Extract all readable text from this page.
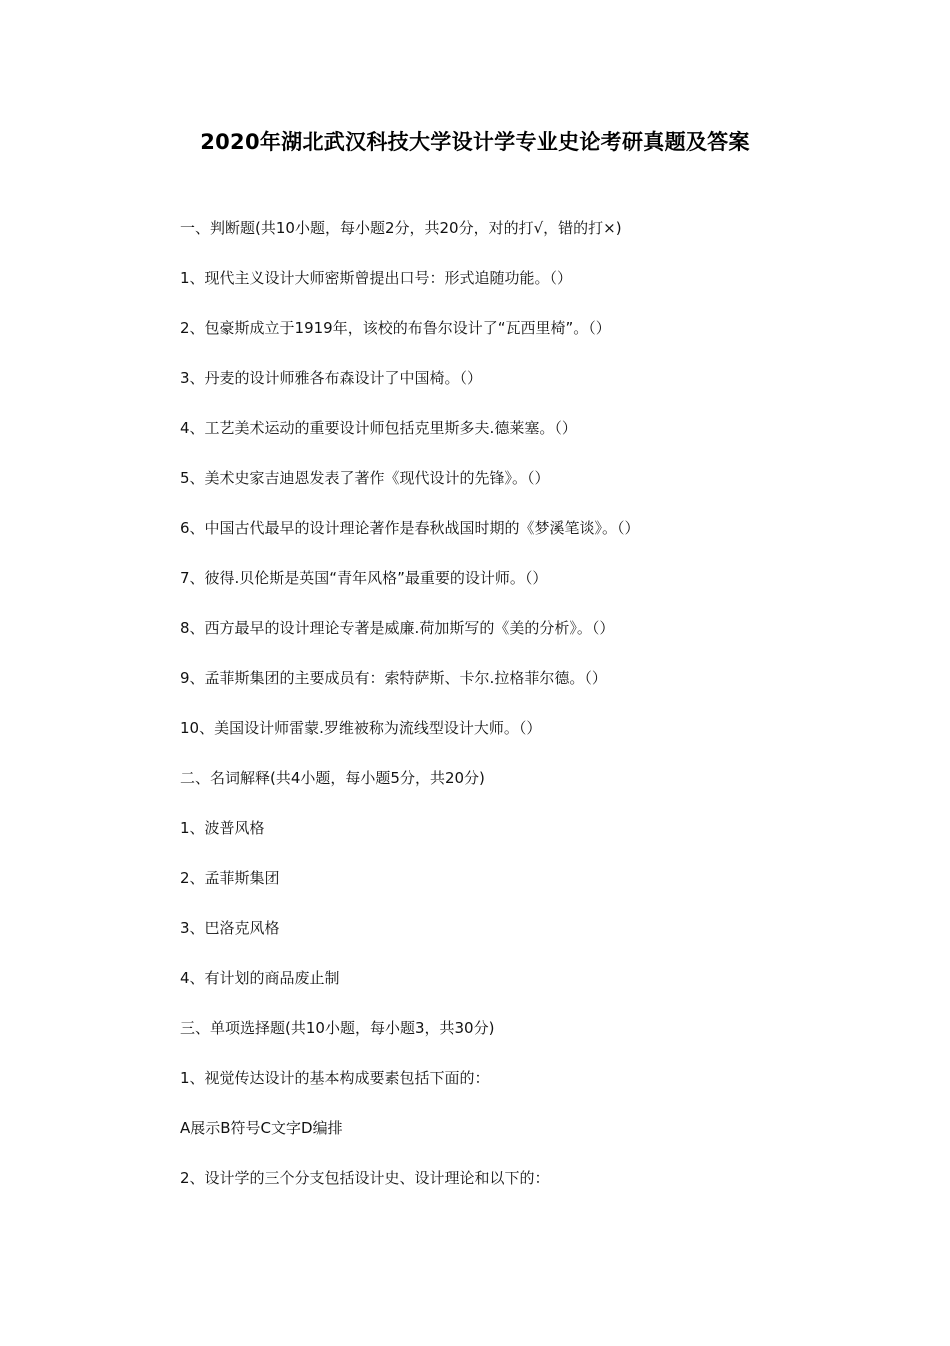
2020年湖北武汉科技大学设计学专业史论考研真题及答案
一、判断题(共10小题，每小题2分，共20分，对的打√，错的打×)
1、现代主义设计大师密斯曾提出口号：形式追随功能。（）
2、包豪斯成立于1919年，该校的布鲁尔设计了“瓦西里椅”。（）
3、丹麦的设计师雅各布森设计了中国椅。（）
4、工艺美术运动的重要设计师包括克里斯多夫.德莱塞。（）
5、美术史家吉迪恩发表了著作《现代设计的先锋》。（）
6、中国古代最早的设计理论著作是春秋战国时期的《梦溪笔谈》。（）
7、彼得.贝伦斯是英国“青年风格”最重要的设计师。（）
8、西方最早的设计理论专著是威廉.荷加斯写的《美的分析》。（）
9、孟菲斯集团的主要成员有：索特萨斯、卡尔.拉格菲尔德。（）
10、美国设计师雷蒙.罗维被称为流线型设计大师。（）
二、名词解释(共4小题，每小题5分，共20分)
1、波普风格
2、孟菲斯集团
3、巴洛克风格
4、有计划的商品废止制
三、单项选择题(共10小题，每小题3，共30分)
1、视觉传达设计的基本构成要素包括下面的：
A展示B符号C文字D编排
2、设计学的三个分支包括设计史、设计理论和以下的：
